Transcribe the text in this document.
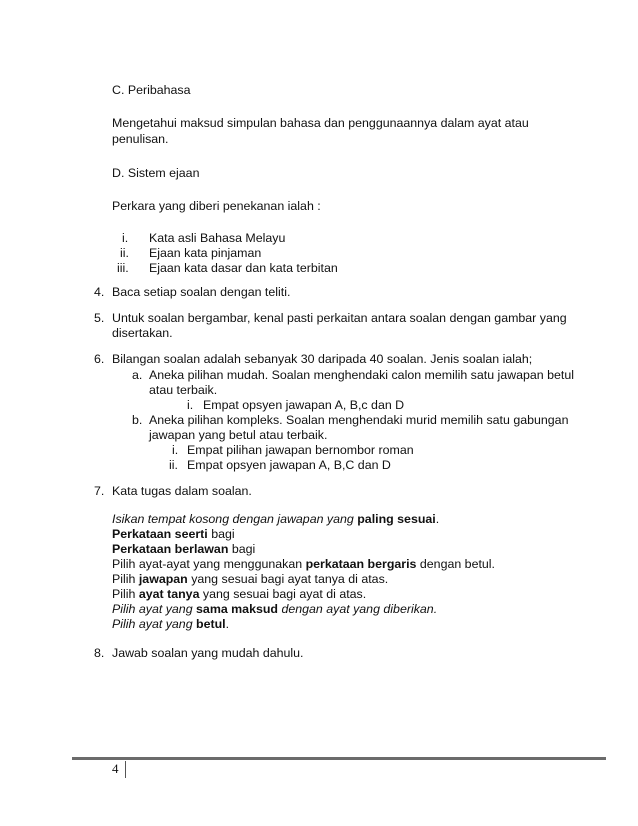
C. Peribahasa
Mengetahui maksud simpulan bahasa dan penggunaannya dalam ayat atau
penulisan.
D. Sistem ejaan
Perkara yang diberi penekanan ialah :
i. Kata asli Bahasa Melayu
ii. Ejaan kata pinjaman
iii. Ejaan kata dasar dan kata terbitan
4. Baca setiap soalan dengan teliti.
5. Untuk soalan bergambar, kenal pasti perkaitan antara soalan dengan gambar yang
disertakan.
6. Bilangan soalan adalah sebanyak 30 daripada 40 soalan. Jenis soalan ialah;
a. Aneka pilihan mudah. Soalan menghendaki calon memilih satu jawapan betul
atau terbaik.
i. Empat opsyen jawapan A, B,c dan D
b. Aneka pilihan kompleks. Soalan menghendaki murid memilih satu gabungan
jawapan yang betul atau terbaik.
i. Empat pilihan jawapan bernombor roman
ii. Empat opsyen jawapan A, B,C dan D
7. Kata tugas dalam soalan.
Isikan tempat kosong dengan jawapan yang paling sesuai.
Perkataan seerti bagi
Perkataan berlawan bagi
Pilih ayat-ayat yang menggunakan perkataan bergaris dengan betul.
Pilih jawapan yang sesuai bagi ayat tanya di atas.
Pilih ayat tanya yang sesuai bagi ayat di atas.
Pilih ayat yang sama maksud dengan ayat yang diberikan.
Pilih ayat yang betul.
8. Jawab soalan yang mudah dahulu.
4
